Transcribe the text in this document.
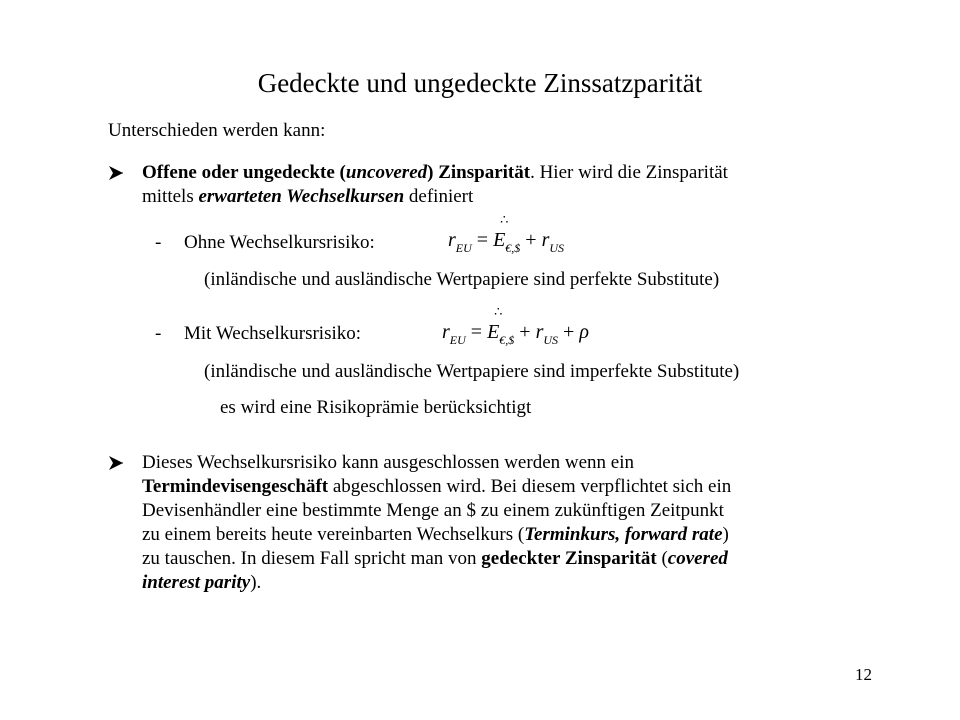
Gedeckte und ungedeckte Zinssatzparität
Unterschieden werden kann:
Offene oder ungedeckte (uncovered) Zinsparität. Hier wird die Zinsparität
mittels erwarteten Wechselkursen definiert
- Ohne Wechselkursrisiko:	$r_{EU}$ =
∴
$E_{€,\$} + r_{US}$
(inländische und ausländische Wertpapiere sind perfekte Substitute)
- Mit Wechselkursrisiko:	$r_{EU}$ =
∴
$E_{€,\$} + r_{US} + \rho$
(inländische und ausländische Wertpapiere sind imperfekte Substitute)
es wird eine Risikoprämie berücksichtigt
Dieses Wechselkursrisiko kann ausgeschlossen werden wenn ein
Termindevisengeschäft abgeschlossen wird. Bei diesem verpflichtet sich ein
Devisenhändler eine bestimmte Menge an $ zu einem zukünftigen Zeitpunkt
zu einem bereits heute vereinbarten Wechselkurs (Terminkurs, forward rate)
zu tauschen. In diesem Fall spricht man von gedeckter Zinsparität (covered
interest parity).
12
